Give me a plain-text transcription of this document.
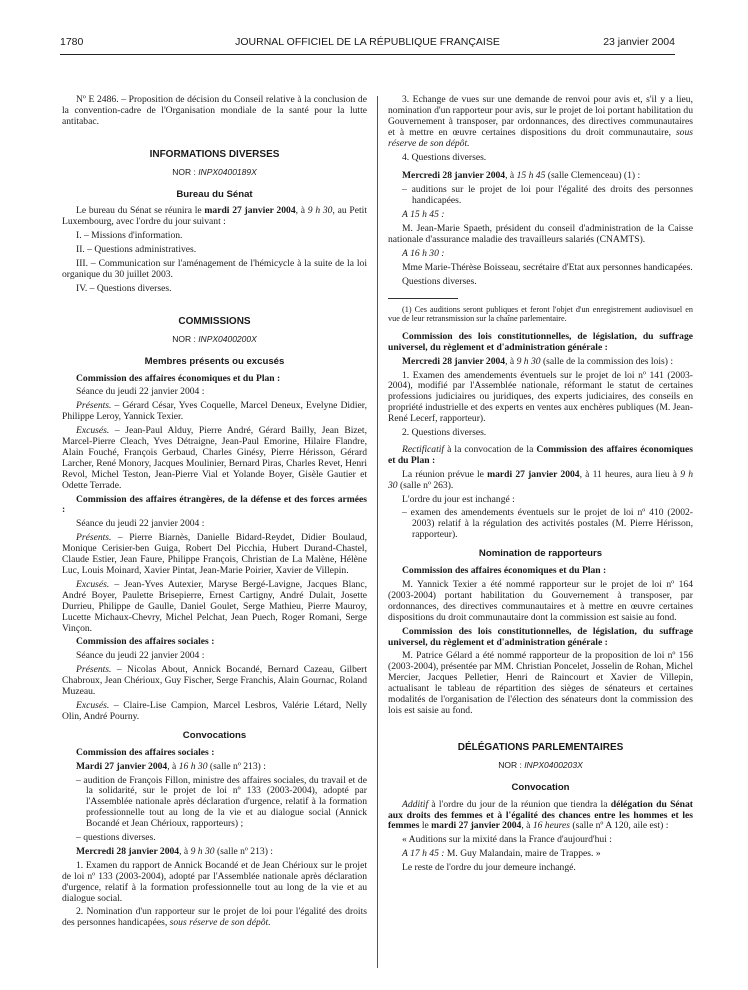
1780	JOURNAL OFFICIEL DE LA RÉPUBLIQUE FRANÇAISE	23 janvier 2004

Nº E 2486. – Proposition de décision du Conseil relative à la conclusion de la convention-cadre de l'Organisation mondiale de la santé pour la lutte antitabac.

INFORMATIONS DIVERSES

NOR : INPX0400189X

Bureau du Sénat

Le bureau du Sénat se réunira le mardi 27 janvier 2004, à 9 h 30, au Petit Luxembourg, avec l'ordre du jour suivant :

I. – Missions d'information.

II. – Questions administratives.

III. – Communication sur l'aménagement de l'hémicycle à la suite de la loi organique du 30 juillet 2003.

IV. – Questions diverses.

COMMISSIONS

NOR : INPX0400200X

Membres présents ou excusés

Commission des affaires économiques et du Plan :

Séance du jeudi 22 janvier 2004 :

Présents. – Gérard César, Yves Coquelle, Marcel Deneux, Evelyne Didier, Philippe Leroy, Yannick Texier.

Excusés. – Jean-Paul Alduy, Pierre André, Gérard Bailly, Jean Bizet, Marcel-Pierre Cleach, Yves Détraigne, Jean-Paul Emorine, Hilaire Flandre, Alain Fouché, François Gerbaud, Charles Ginésy, Pierre Hérisson, Gérard Larcher, René Monory, Jacques Moulinier, Bernard Piras, Charles Revet, Henri Revol, Michel Teston, Jean-Pierre Vial et Yolande Boyer, Gisèle Gautier et Odette Terrade.

Commission des affaires étrangères, de la défense et des forces armées :

Séance du jeudi 22 janvier 2004 :

Présents. – Pierre Biarnès, Danielle Bidard-Reydet, Didier Boulaud, Monique Cerisier-ben Guiga, Robert Del Picchia, Hubert Durand-Chastel, Claude Estier, Jean Faure, Philippe François, Christian de La Malène, Hélène Luc, Louis Moinard, Xavier Pintat, Jean-Marie Poirier, Xavier de Villepin.

Excusés. – Jean-Yves Autexier, Maryse Bergé-Lavigne, Jacques Blanc, André Boyer, Paulette Brisepierre, Ernest Cartigny, André Dulait, Josette Durrieu, Philippe de Gaulle, Daniel Goulet, Serge Mathieu, Pierre Mauroy, Lucette Michaux-Chevry, Michel Pelchat, Jean Puech, Roger Romani, Serge Vinçon.

Commission des affaires sociales :

Séance du jeudi 22 janvier 2004 :

Présents. – Nicolas About, Annick Bocandé, Bernard Cazeau, Gilbert Chabroux, Jean Chérioux, Guy Fischer, Serge Franchis, Alain Gournac, Roland Muzeau.

Excusés. – Claire-Lise Campion, Marcel Lesbros, Valérie Létard, Nelly Olin, André Pourny.

Convocations

Commission des affaires sociales :

Mardi 27 janvier 2004, à 16 h 30 (salle nº 213) :

– audition de François Fillon, ministre des affaires sociales, du travail et de la solidarité, sur le projet de loi nº 133 (2003-2004), adopté par l'Assemblée nationale après déclaration d'urgence, relatif à la formation professionnelle tout au long de la vie et au dialogue social (Annick Bocandé et Jean Chérioux, rapporteurs) ;

– questions diverses.

Mercredi 28 janvier 2004, à 9 h 30 (salle nº 213) :

1. Examen du rapport de Annick Bocandé et de Jean Chérioux sur le projet de loi nº 133 (2003-2004), adopté par l'Assemblée nationale après déclaration d'urgence, relatif à la formation professionnelle tout au long de la vie et au dialogue social.

2. Nomination d'un rapporteur sur le projet de loi pour l'égalité des droits des personnes handicapées, sous réserve de son dépôt.

3. Echange de vues sur une demande de renvoi pour avis et, s'il y a lieu, nomination d'un rapporteur pour avis, sur le projet de loi portant habilitation du Gouvernement à transposer, par ordonnances, des directives communautaires et à mettre en œuvre certaines dispositions du droit communautaire, sous réserve de son dépôt.

4. Questions diverses.

Mercredi 28 janvier 2004, à 15 h 45 (salle Clemenceau) (1) :

– auditions sur le projet de loi pour l'égalité des droits des personnes handicapées.

A 15 h 45 :

M. Jean-Marie Spaeth, président du conseil d'administration de la Caisse nationale d'assurance maladie des travailleurs salariés (CNAMTS).

A 16 h 30 :

Mme Marie-Thérèse Boisseau, secrétaire d'Etat aux personnes handicapées.

Questions diverses.

(1) Ces auditions seront publiques et feront l'objet d'un enregistrement audiovisuel en vue de leur retransmission sur la chaîne parlementaire.

Commission des lois constitutionnelles, de législation, du suffrage universel, du règlement et d'administration générale :

Mercredi 28 janvier 2004, à 9 h 30 (salle de la commission des lois) :

1. Examen des amendements éventuels sur le projet de loi nº 141 (2003-2004), modifié par l'Assemblée nationale, réformant le statut de certaines professions judiciaires ou juridiques, des experts judiciaires, des conseils en propriété industrielle et des experts en ventes aux enchères publiques (M. Jean-René Lecerf, rapporteur).

2. Questions diverses.

Rectificatif à la convocation de la Commission des affaires économiques et du Plan :

La réunion prévue le mardi 27 janvier 2004, à 11 heures, aura lieu à 9 h 30 (salle nº 263).

L'ordre du jour est inchangé :

– examen des amendements éventuels sur le projet de loi nº 410 (2002-2003) relatif à la régulation des activités postales (M. Pierre Hérisson, rapporteur).

Nomination de rapporteurs

Commission des affaires économiques et du Plan :

M. Yannick Texier a été nommé rapporteur sur le projet de loi nº 164 (2003-2004) portant habilitation du Gouvernement à transposer, par ordonnances, des directives communautaires et à mettre en œuvre certaines dispositions du droit communautaire dont la commission est saisie au fond.

Commission des lois constitutionnelles, de législation, du suffrage universel, du règlement et d'administration générale :

M. Patrice Gélard a été nommé rapporteur de la proposition de loi nº 156 (2003-2004), présentée par MM. Christian Poncelet, Josselin de Rohan, Michel Mercier, Jacques Pelletier, Henri de Raincourt et Xavier de Villepin, actualisant le tableau de répartition des sièges de sénateurs et certaines modalités de l'organisation de l'élection des sénateurs dont la commission des lois est saisie au fond.

DÉLÉGATIONS PARLEMENTAIRES

NOR : INPX0400203X

Convocation

Additif à l'ordre du jour de la réunion que tiendra la délégation du Sénat aux droits des femmes et à l'égalité des chances entre les hommes et les femmes le mardi 27 janvier 2004, à 16 heures (salle nº A 120, aile est) :

« Auditions sur la mixité dans la France d'aujourd'hui :

A 17 h 45 : M. Guy Malandain, maire de Trappes. »

Le reste de l'ordre du jour demeure inchangé.
